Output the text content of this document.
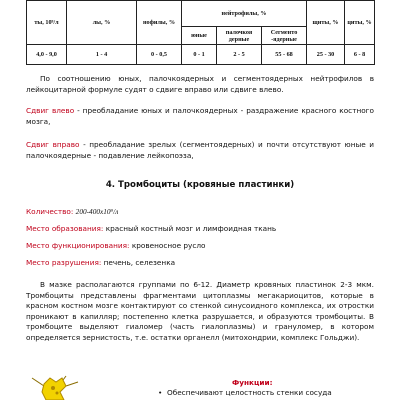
ты, 10⁹/л	лы, %	нофилы, %	нейтрофилы, %			щиты, %	циты, %
			юные	палочкоя дерные	Сегменто -ядерные		
4,0 - 9,0	1 - 4	0 - 0,5	0 - 1	2 - 5	55 - 68	25 - 30	6 - 8
По соотношению юных, палочкоядерных и сегментоядерных нейтрофилов в лейкоцитарной формуле судят о сдвиге вправо или сдвиге влево.
Сдвиг влево - преобладание юных и палочкоядерных - раздражение красного костного мозга,
Сдвиг вправо - преобладание зрелых (сегментоядерных) и почти отсутствуют юные и палочкоядерные - подавление лейкопоэза,
4. Тромбоциты (кровяные пластинки)
Количество: 200-400х10⁹/л
Место образования: красный костный мозг и лимфоидная ткань
Место функционирования: кровеносное русло
Место разрушения: печень, селезенка
В мазке располагаются группами по 6-12. Диаметр кровяных пластинок 2-3 мкм. Тромбоциты представлены фрагментами цитоплазмы мегакариоцитов, которые в красном костном мозге контактируют со стенкой синусоидного комплекса, их отростки проникают в капилляр; постепенно клетка разрушается, и образуются тромбоциты. В тромбоците выделяют гиаломер (часть гиалоплазмы) и грануломер, в котором определяется зернистость, т.е. остатки органелл (митохондрии, комплекс Гольджи).
Функции:
•  Обеспечивают целостность стенки сосуда
